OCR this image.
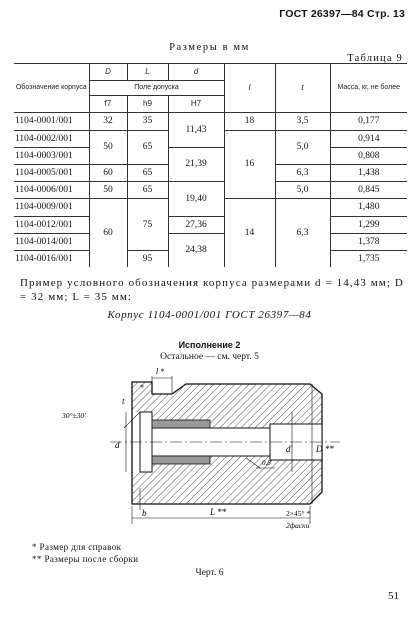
ГОСТ 26397—84 Стр. 13
Размеры в мм
Таблица 9
Обозначение корпуса	D	L	d	l	t	Масса, кг, не более
	Поле допуска					
	f7	h9	H7			
1104-0001/001	32	35	11,43	18	3,5	0,177
1104-0002/001	50	65		16	5,0	0,914
1104-0003/001			21,39			0,808
1104-0005/001	60	65			6,3	1,438
1104-0006/001	50	65	19,40		5,0	0,845
1104-0009/001	60	75		14	6,3	1,480
1104-0012/001			27,36			1,299
1104-0014/001			24,38			1,378
1104-0016/001		95				1,735
Пример условного обозначения корпуса размерами d = 14,43 мм; D = 32 мм; L = 35 мм:
Корпус 1104-0001/001 ГОСТ 26397—84
Исполнение 2
Остальное — см. черт. 5
l *
*
t
30°±30'
d	d'	D **
0,8
b	L **	2×45° *
2фаски
* Размер для справок
** Размеры после сборки
Черт. 6
51
